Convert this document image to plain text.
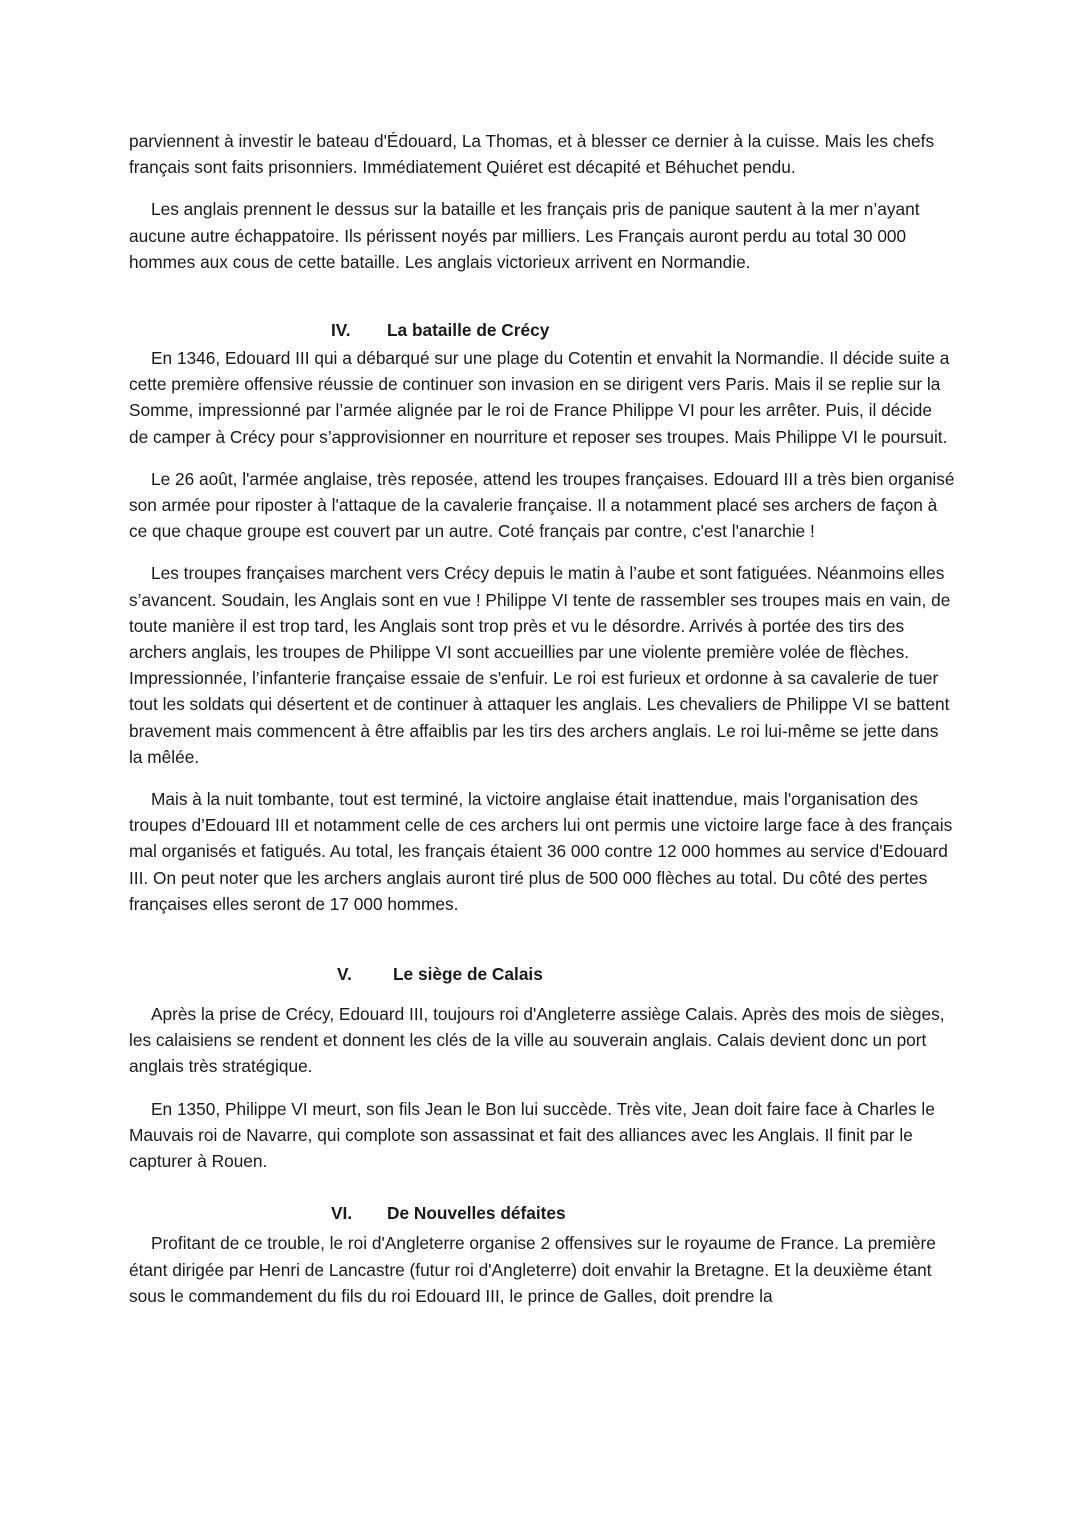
parviennent à investir le bateau d'Édouard, La Thomas, et à blesser ce dernier à la cuisse. Mais les chefs français sont faits prisonniers. Immédiatement Quiéret est décapité et Béhuchet pendu.

Les anglais prennent le dessus sur la bataille et les français pris de panique sautent à la mer n’ayant aucune autre échappatoire. Ils périssent noyés par milliers. Les Français auront perdu au total 30 000 hommes aux cous de cette bataille. Les anglais victorieux arrivent en Normandie.

IV.	La bataille de Crécy

En 1346, Edouard III qui a débarqué sur une plage du Cotentin et envahit la Normandie. Il décide suite a cette première offensive réussie de continuer son invasion en se dirigent vers Paris. Mais il se replie sur la Somme, impressionné par l’armée alignée par le roi de France Philippe VI pour les arrêter. Puis, il décide de camper à Crécy pour s’approvisionner en nourriture et reposer ses troupes. Mais Philippe VI le poursuit.

Le 26 août, l'armée anglaise, très reposée, attend les troupes françaises. Edouard III a très bien organisé son armée pour riposter à l'attaque de la cavalerie française. Il a notamment placé ses archers de façon à ce que chaque groupe est couvert par un autre. Coté français par contre, c'est l'anarchie !

Les troupes françaises marchent vers Crécy depuis le matin à l’aube et sont fatiguées. Néanmoins elles s’avancent. Soudain, les Anglais sont en vue ! Philippe VI tente de rassembler ses troupes mais en vain, de toute manière il est trop tard, les Anglais sont trop près et vu le désordre. Arrivés à portée des tirs des archers anglais, les troupes de Philippe VI sont accueillies par une violente première volée de flèches. Impressionnée, l’infanterie française essaie de s'enfuir. Le roi est furieux et ordonne à sa cavalerie de tuer tout les soldats qui désertent et de continuer à attaquer les anglais. Les chevaliers de Philippe VI se battent bravement mais commencent à être affaiblis par les tirs des archers anglais. Le roi lui-même se jette dans la mêlée.

Mais à la nuit tombante, tout est terminé, la victoire anglaise était inattendue, mais l'organisation des troupes d’Edouard III et notamment celle de ces archers lui ont permis une victoire large face à des français mal organisés et fatigués. Au total, les français étaient 36 000 contre 12 000 hommes au service d'Edouard III. On peut noter que les archers anglais auront tiré plus de 500 000 flèches au total. Du côté des pertes françaises elles seront de 17 000 hommes.

V.	Le siège de Calais

Après la prise de Crécy, Edouard III, toujours roi d'Angleterre assiège Calais. Après des mois de sièges, les calaisiens se rendent et donnent les clés de la ville au souverain anglais. Calais devient donc un port anglais très stratégique.

En 1350, Philippe VI meurt, son fils Jean le Bon lui succède. Très vite, Jean doit faire face à Charles le Mauvais roi de Navarre, qui complote son assassinat et fait des alliances avec les Anglais. Il finit par le capturer à Rouen.

VI.	De Nouvelles défaites

Profitant de ce trouble, le roi d'Angleterre organise 2 offensives sur le royaume de France. La première étant dirigée par Henri de Lancastre (futur roi d'Angleterre) doit envahir la Bretagne. Et la deuxième étant sous le commandement du fils du roi Edouard III, le prince de Galles, doit prendre la
